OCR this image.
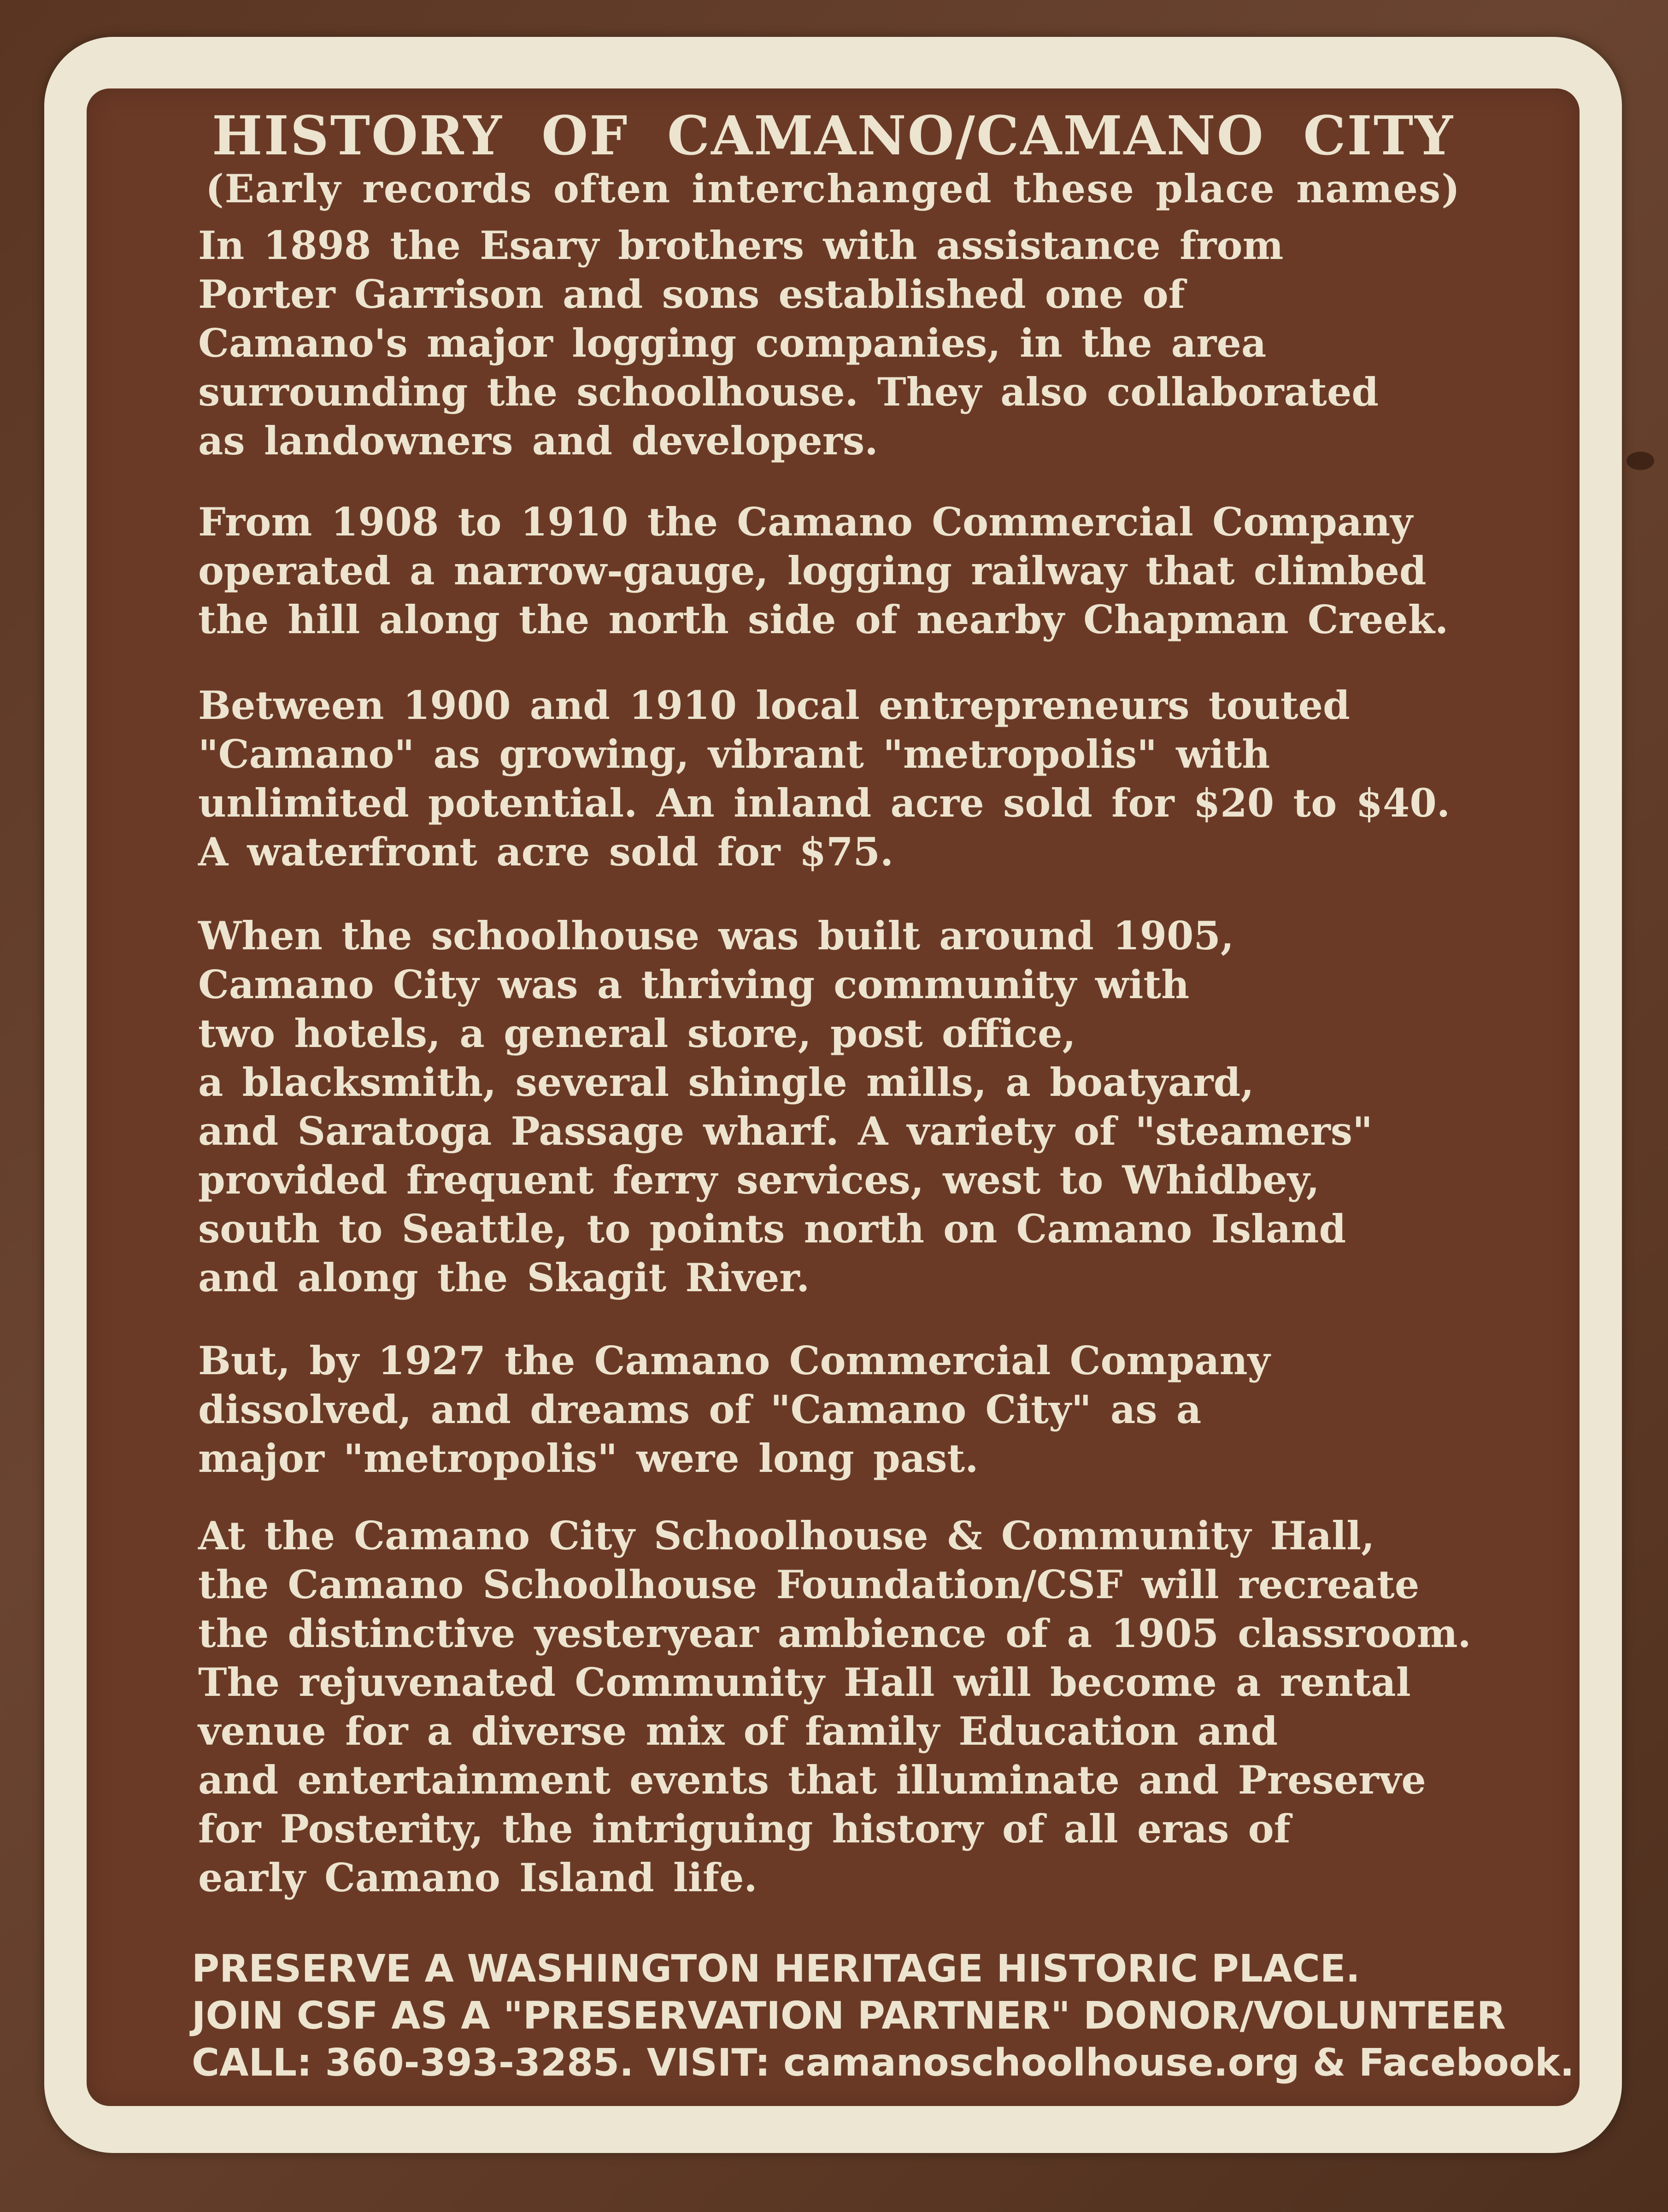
HISTORY OF CAMANO/CAMANO CITY
(Early records often interchanged these place names)
In 1898 the Esary brothers with assistance from
Porter Garrison and sons established one of
Camano's major logging companies, in the area
surrounding the schoolhouse. They also collaborated
as landowners and developers.
From 1908 to 1910 the Camano Commercial Company
operated a narrow-gauge, logging railway that climbed
the hill along the north side of nearby Chapman Creek.
Between 1900 and 1910 local entrepreneurs touted
"Camano" as growing, vibrant "metropolis" with
unlimited potential. An inland acre sold for $20 to $40.
A waterfront acre sold for $75.
When the schoolhouse was built around 1905,
Camano City was a thriving community with
two hotels, a general store, post office,
a blacksmith, several shingle mills, a boatyard,
and Saratoga Passage wharf. A variety of "steamers"
provided frequent ferry services, west to Whidbey,
south to Seattle, to points north on Camano Island
and along the Skagit River.
But, by 1927 the Camano Commercial Company
dissolved, and dreams of "Camano City" as a
major "metropolis" were long past.
At the Camano City Schoolhouse & Community Hall,
the Camano Schoolhouse Foundation/CSF will recreate
the distinctive yesteryear ambience of a 1905 classroom.
The rejuvenated Community Hall will become a rental
venue for a diverse mix of family Education and
and entertainment events that illuminate and Preserve
for Posterity, the intriguing history of all eras of
early Camano Island life.
PRESERVE A WASHINGTON HERITAGE HISTORIC PLACE.
JOIN CSF AS A "PRESERVATION PARTNER" DONOR/VOLUNTEER
CALL: 360-393-3285. VISIT: camanoschoolhouse.org & Facebook.
